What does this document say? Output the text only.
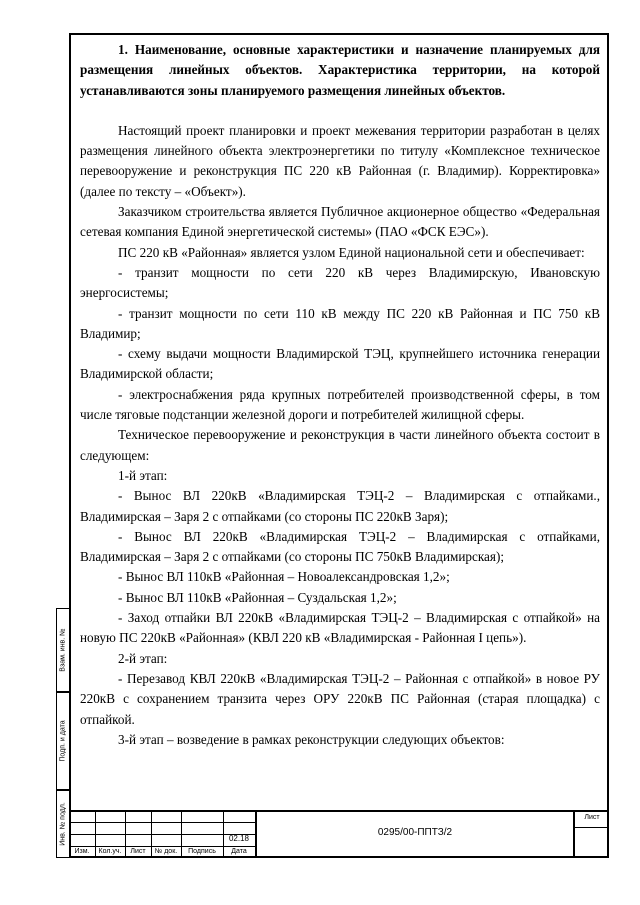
Взам. инв. №
Подп. и дата
Инв. № подл.

1. Наименование, основные характеристики и назначение планируемых для размещения линейных объектов. Характеристика территории, на которой устанавливаются зоны планируемого размещения линейных объектов.

Настоящий проект планировки и проект межевания территории разработан в целях размещения линейного объекта электроэнергетики по титулу «Комплексное техническое перевооружение и реконструкция ПС 220 кВ Районная (г. Владимир). Корректировка» (далее по тексту – «Объект»).

Заказчиком строительства является Публичное акционерное общество «Федеральная сетевая компания Единой энергетической системы» (ПАО «ФСК ЕЭС»).

ПС 220 кВ «Районная» является узлом Единой национальной сети и обеспечивает:

- транзит мощности по сети 220 кВ через Владимирскую, Ивановскую энергосистемы;

- транзит мощности по сети 110 кВ между ПС 220 кВ Районная и ПС 750 кВ Владимир;

- схему выдачи мощности Владимирской ТЭЦ, крупнейшего источника генерации Владимирской области;

- электроснабжения ряда крупных потребителей производственной сферы, в том числе тяговые подстанции железной дороги и потребителей жилищной сферы.

Техническое перевооружение и реконструкция в части линейного объекта состоит в следующем:

1-й этап:

- Вынос ВЛ 220кВ «Владимирская ТЭЦ-2 – Владимирская с отпайками., Владимирская – Заря 2 с отпайками (со стороны ПС 220кВ Заря);

- Вынос ВЛ 220кВ «Владимирская ТЭЦ-2 – Владимирская с отпайками, Владимирская – Заря 2 с отпайками (со стороны ПС 750кВ Владимирская);

- Вынос ВЛ 110кВ «Районная – Новоалександровская 1,2»;

- Вынос ВЛ 110кВ «Районная – Суздальская 1,2»;

- Заход отпайки ВЛ 220кВ «Владимирская ТЭЦ-2 – Владимирская с отпайкой» на новую ПС 220кВ «Районная» (КВЛ 220 кВ «Владимирская - Районная I цепь»).

2-й этап:

- Перезавод КВЛ 220кВ «Владимирская ТЭЦ-2 – Районная с отпайкой» в новое РУ 220кВ с сохранением транзита через ОРУ 220кВ ПС Районная (старая площадка) с отпайкой.

3-й этап – возведение в рамках реконструкции следующих объектов:

02.18
0295/00-ППТЗ/2
Лист
Изм.	Кол.уч.	Лист	№ док.	Подпись	Дата
